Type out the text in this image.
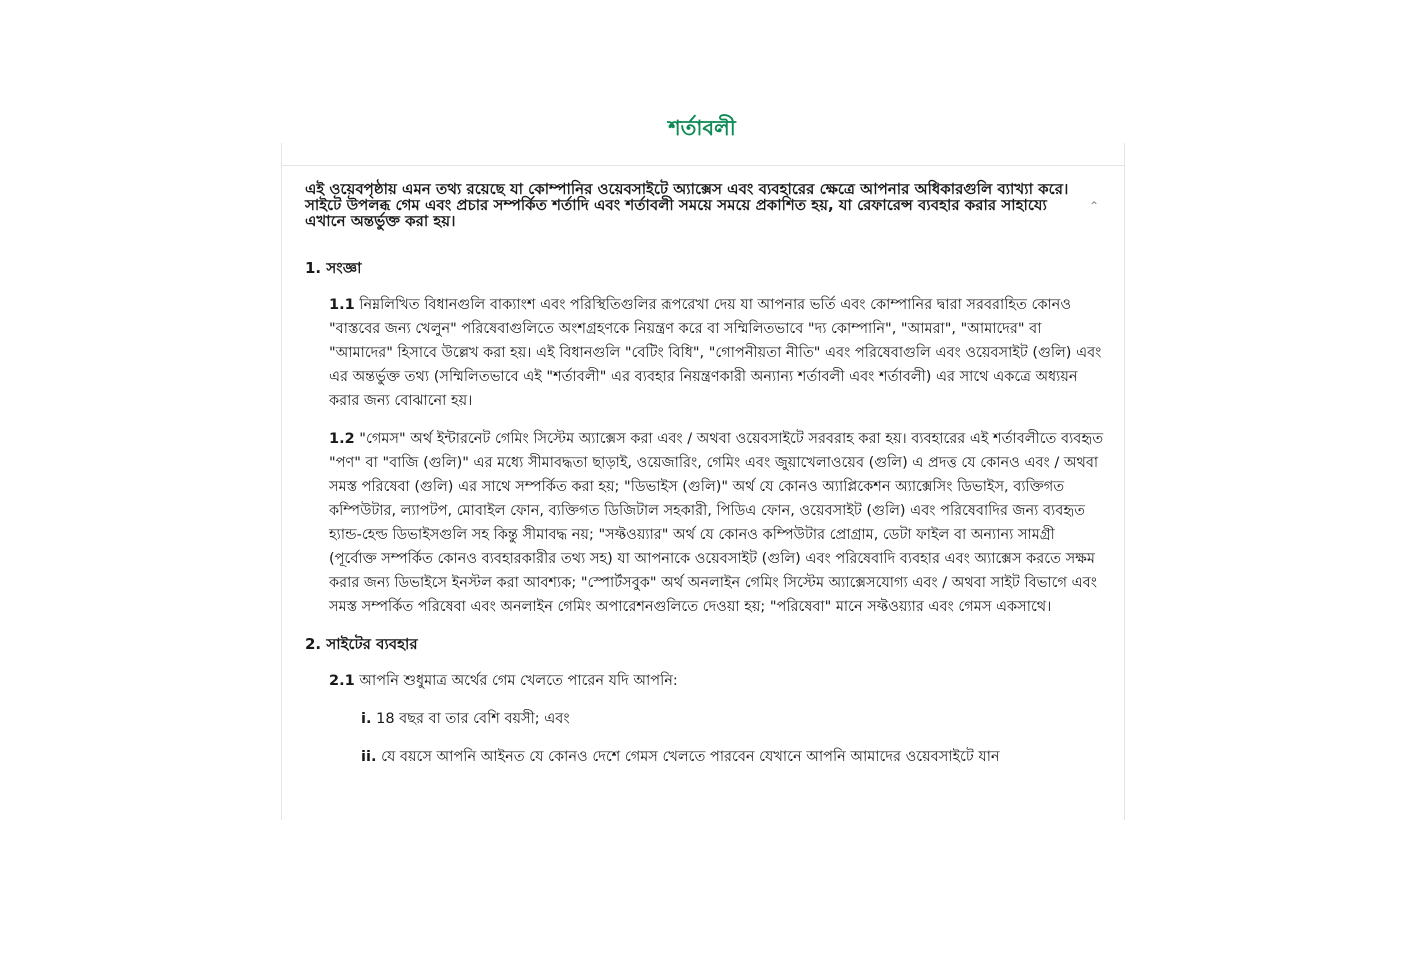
শর্তাবলী
এই ওয়েবপৃষ্ঠায় এমন তথ্য রয়েছে যা কোম্পানির ওয়েবসাইটে অ্যাক্সেস এবং ব্যবহারের ক্ষেত্রে আপনার অধিকারগুলি ব্যাখ্যা করে। সাইটে উপলব্ধ গেম এবং প্রচার সম্পর্কিত শর্তাদি এবং শর্তাবলী সময়ে সময়ে প্রকাশিত হয়, যা রেফারেন্স ব্যবহার করার সাহায্যে এখানে অন্তর্ভুক্ত করা হয়।
⌃
1. সংজ্ঞা

1.1 নিম্নলিখিত বিধানগুলি বাক্যাংশ এবং পরিস্থিতিগুলির রূপরেখা দেয় যা আপনার ভর্তি এবং কোম্পানির দ্বারা সরবরাহিত কোনও "বাস্তবের জন্য খেলুন" পরিষেবাগুলিতে অংশগ্রহণকে নিয়ন্ত্রণ করে বা সম্মিলিতভাবে "দ্য কোম্পানি", "আমরা", "আমাদের" বা "আমাদের" হিসাবে উল্লেখ করা হয়। এই বিধানগুলি "বেটিং বিধি", "গোপনীয়তা নীতি" এবং পরিষেবাগুলি এবং ওয়েবসাইট (গুলি) এবং এর অন্তর্ভুক্ত তথ্য (সম্মিলিতভাবে এই "শর্তাবলী" এর ব্যবহার নিয়ন্ত্রণকারী অন্যান্য শর্তাবলী এবং শর্তাবলী) এর সাথে একত্রে অধ্যয়ন করার জন্য বোঝানো হয়।

1.2 "গেমস" অর্থ ইন্টারনেট গেমিং সিস্টেম অ্যাক্সেস করা এবং / অথবা ওয়েবসাইটে সরবরাহ করা হয়। ব্যবহারের এই শর্তাবলীতে ব্যবহৃত "পণ" বা "বাজি (গুলি)" এর মধ্যে সীমাবদ্ধতা ছাড়াই, ওয়েজারিং, গেমিং এবং জুয়াখেলাওয়েব (গুলি) এ প্রদত্ত যে কোনও এবং / অথবা সমস্ত পরিষেবা (গুলি) এর সাথে সম্পর্কিত করা হয়; "ডিভাইস (গুলি)" অর্থ যে কোনও অ্যাপ্লিকেশন অ্যাক্সেসিং ডিভাইস, ব্যক্তিগত কম্পিউটার, ল্যাপটপ, মোবাইল ফোন, ব্যক্তিগত ডিজিটাল সহকারী, পিডিএ ফোন, ওয়েবসাইট (গুলি) এবং পরিষেবাদির জন্য ব্যবহৃত হ্যান্ড-হেল্ড ডিভাইসগুলি সহ কিন্তু সীমাবদ্ধ নয়; "সফ্টওয়্যার" অর্থ যে কোনও কম্পিউটার প্রোগ্রাম, ডেটা ফাইল বা অন্যান্য সামগ্রী (পূর্বোক্ত সম্পর্কিত কোনও ব্যবহারকারীর তথ্য সহ) যা আপনাকে ওয়েবসাইট (গুলি) এবং পরিষেবাদি ব্যবহার এবং অ্যাক্সেস করতে সক্ষম করার জন্য ডিভাইসে ইনস্টল করা আবশ্যক; "স্পোর্টসবুক" অর্থ অনলাইন গেমিং সিস্টেম অ্যাক্সেসযোগ্য এবং / অথবা সাইট বিভাগে এবং সমস্ত সম্পর্কিত পরিষেবা এবং অনলাইন গেমিং অপারেশনগুলিতে দেওয়া হয়; "পরিষেবা" মানে সফ্টওয়্যার এবং গেমস একসাথে।

2. সাইটের ব্যবহার

2.1 আপনি শুধুমাত্র অর্থের গেম খেলতে পারেন যদি আপনি:

i. 18 বছর বা তার বেশি বয়সী; এবং

ii. যে বয়সে আপনি আইনত যে কোনও দেশে গেমস খেলতে পারবেন যেখানে আপনি আমাদের ওয়েবসাইটে যান
